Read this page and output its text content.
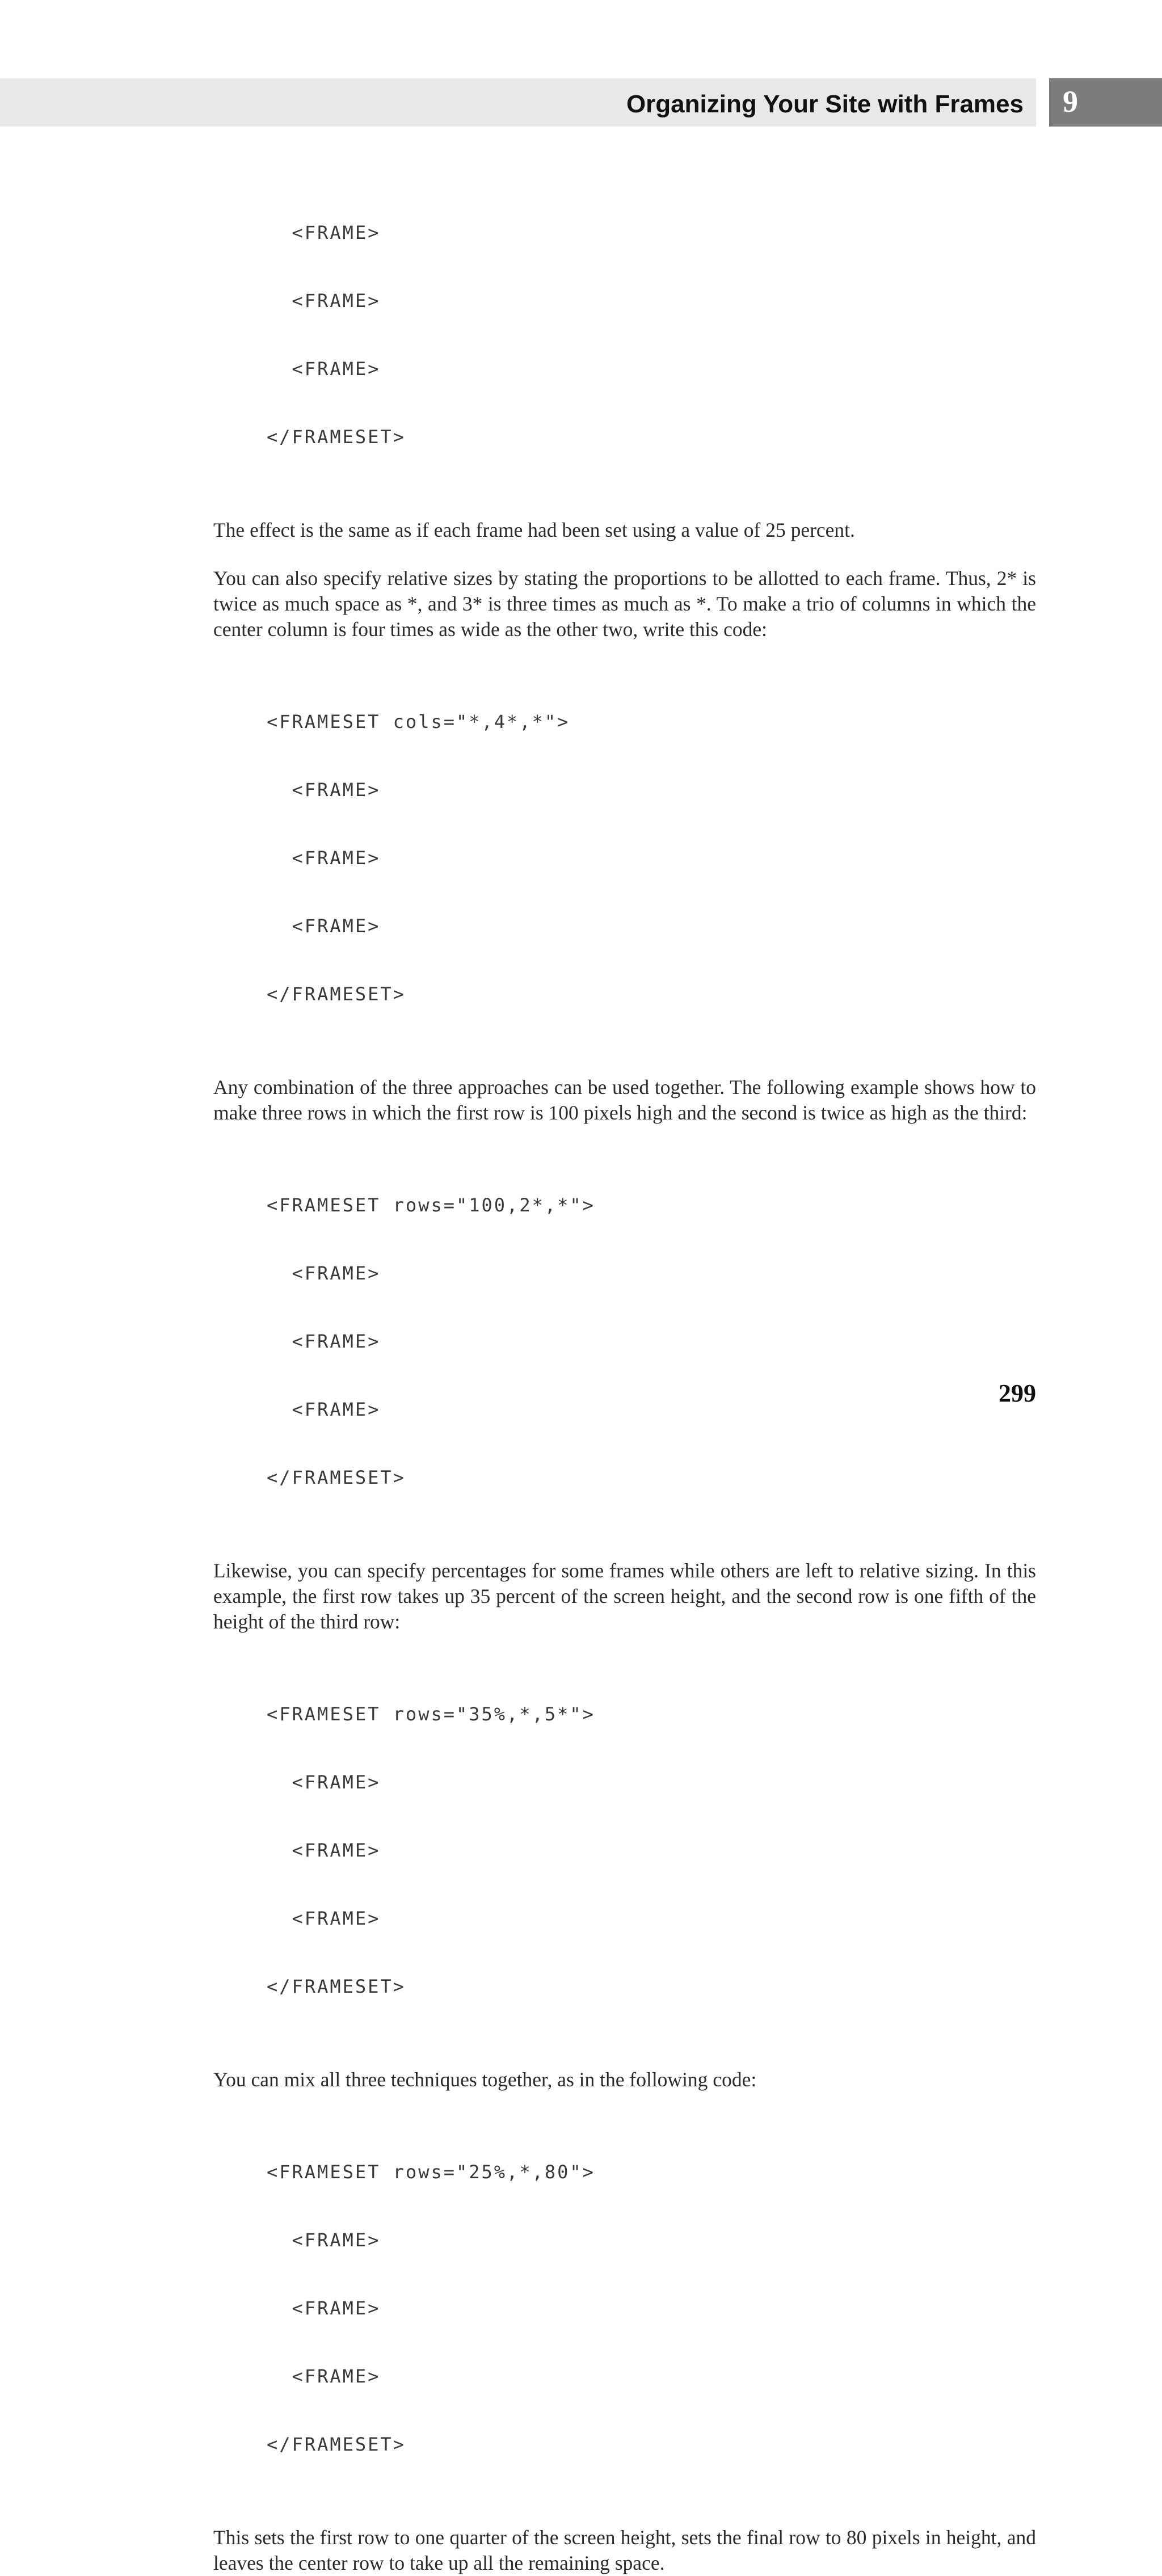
Organizing Your Site with Frames 9

<FRAME>

<FRAME>

<FRAME>

</FRAMESET>

The effect is the same as if each frame had been set using a value of 25 percent.

You can also specify relative sizes by stating the proportions to be allotted to each frame. Thus, 2* is twice as much space as *, and 3* is three times as much as *. To make a trio of columns in which the center column is four times as wide as the other two, write this code:

<FRAMESET cols="*,4*,*">

<FRAME>

<FRAME>

<FRAME>

</FRAMESET>

Any combination of the three approaches can be used together. The following example shows how to make three rows in which the first row is 100 pixels high and the second is twice as high as the third:

<FRAMESET rows="100,2*,*">

<FRAME>

<FRAME>

<FRAME>

</FRAMESET>

Likewise, you can specify percentages for some frames while others are left to relative sizing. In this example, the first row takes up 35 percent of the screen height, and the second row is one fifth of the height of the third row:

<FRAMESET rows="35%,*,5*">

<FRAME>

<FRAME>

<FRAME>

</FRAMESET>

You can mix all three techniques together, as in the following code:

<FRAMESET rows="25%,*,80">

<FRAME>

<FRAME>

<FRAME>

</FRAMESET>

This sets the first row to one quarter of the screen height, sets the final row to 80 pixels in height, and leaves the center row to take up all the remaining space.

299
